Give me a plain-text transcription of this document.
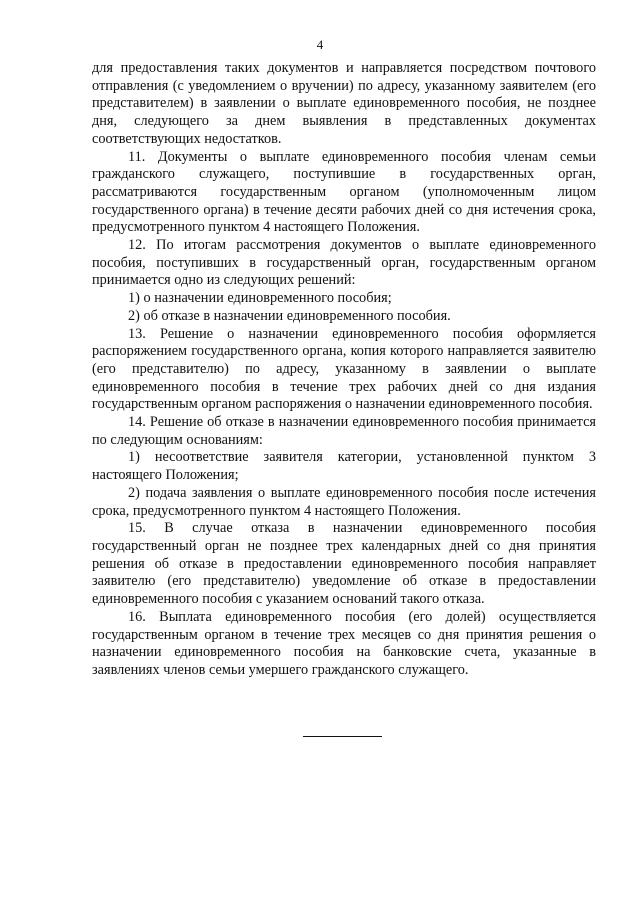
4

для предоставления таких документов и направляется посредством почтового отправления (с уведомлением о вручении) по адресу, указанному заявителем (его представителем) в заявлении о выплате единовременного пособия, не позднее дня, следующего за днем выявления в представленных документах соответствующих недостатков.

11. Документы о выплате единовременного пособия членам семьи гражданского служащего, поступившие в государственных орган, рассматриваются государственным органом (уполномоченным лицом государственного органа) в течение десяти рабочих дней со дня истечения срока, предусмотренного пунктом 4 настоящего Положения.

12. По итогам рассмотрения документов о выплате единовременного пособия, поступивших в государственный орган, государственным органом принимается одно из следующих решений:

1) о назначении единовременного пособия;

2) об отказе в назначении единовременного пособия.

13. Решение о назначении единовременного пособия оформляется распоряжением государственного органа, копия которого направляется заявителю (его представителю) по адресу, указанному в заявлении о выплате единовременного пособия в течение трех рабочих дней со дня издания государственным органом распоряжения о назначении единовременного пособия.

14. Решение об отказе в назначении единовременного пособия принимается по следующим основаниям:

1) несоответствие заявителя категории, установленной пунктом 3 настоящего Положения;

2) подача заявления о выплате единовременного пособия после истечения срока, предусмотренного пунктом 4 настоящего Положения.

15. В случае отказа в назначении единовременного пособия государственный орган не позднее трех календарных дней со дня принятия решения об отказе в предоставлении единовременного пособия направляет заявителю (его представителю) уведомление об отказе в предоставлении единовременного пособия с указанием оснований такого отказа.

16. Выплата единовременного пособия (его долей) осуществляется государственным органом в течение трех месяцев со дня принятия решения о назначении единовременного пособия на банковские счета, указанные в заявлениях членов семьи умершего гражданского служащего.
